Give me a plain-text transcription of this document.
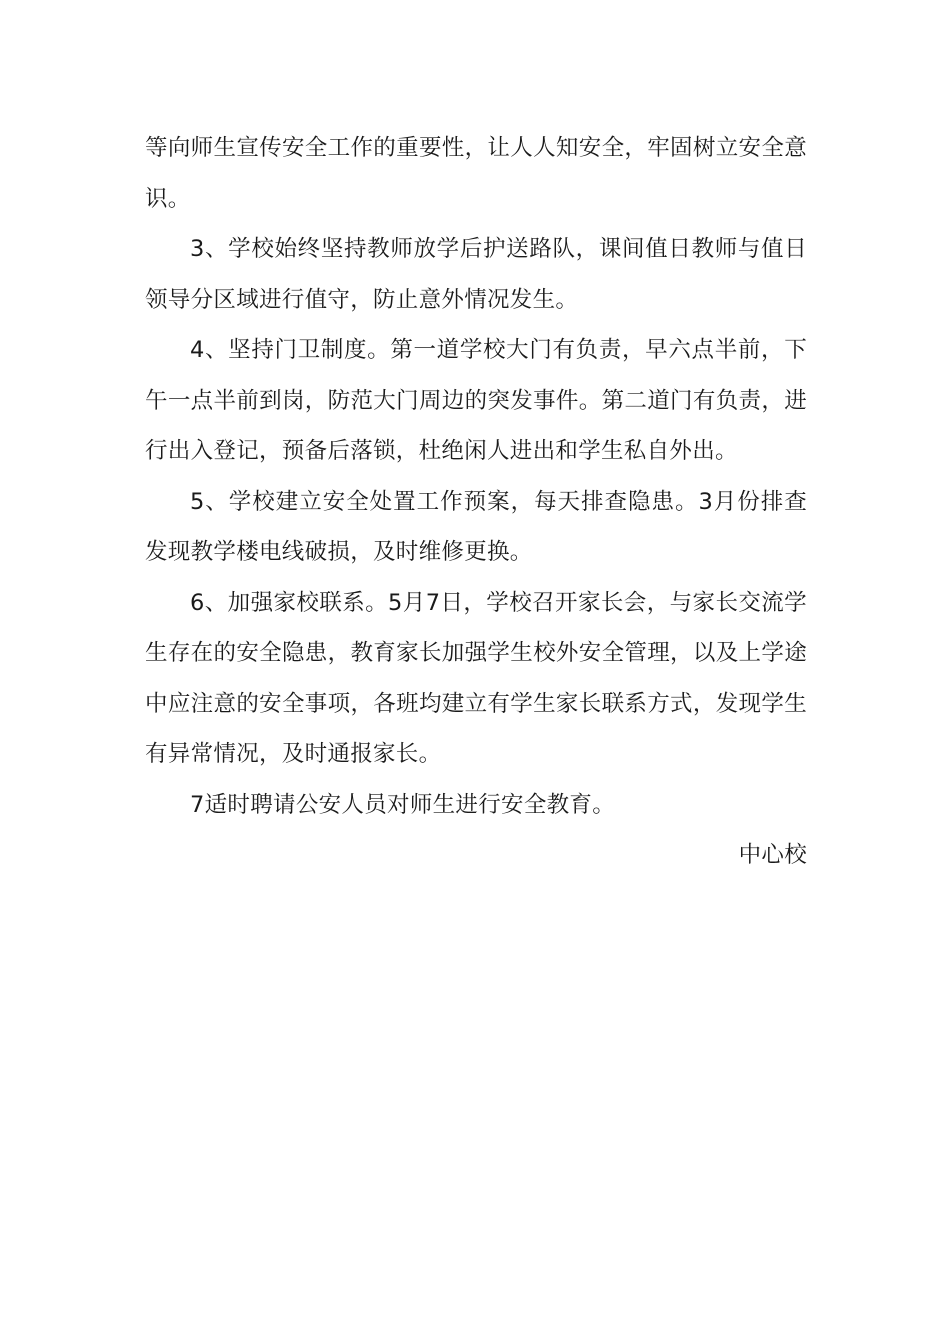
等向师生宣传安全工作的重要性，让人人知安全，牢固树立安全意识。

3、学校始终坚持教师放学后护送路队，课间值日教师与值日领导分区域进行值守，防止意外情况发生。

4、坚持门卫制度。第一道学校大门有负责，早六点半前，下午一点半前到岗，防范大门周边的突发事件。第二道门有负责，进行出入登记，预备后落锁，杜绝闲人进出和学生私自外出。

5、学校建立安全处置工作预案，每天排查隐患。3月份排查发现教学楼电线破损，及时维修更换。

6、加强家校联系。5月7日，学校召开家长会，与家长交流学生存在的安全隐患，教育家长加强学生校外安全管理，以及上学途中应注意的安全事项，各班均建立有学生家长联系方式，发现学生有异常情况，及时通报家长。

7适时聘请公安人员对师生进行安全教育。

中心校
